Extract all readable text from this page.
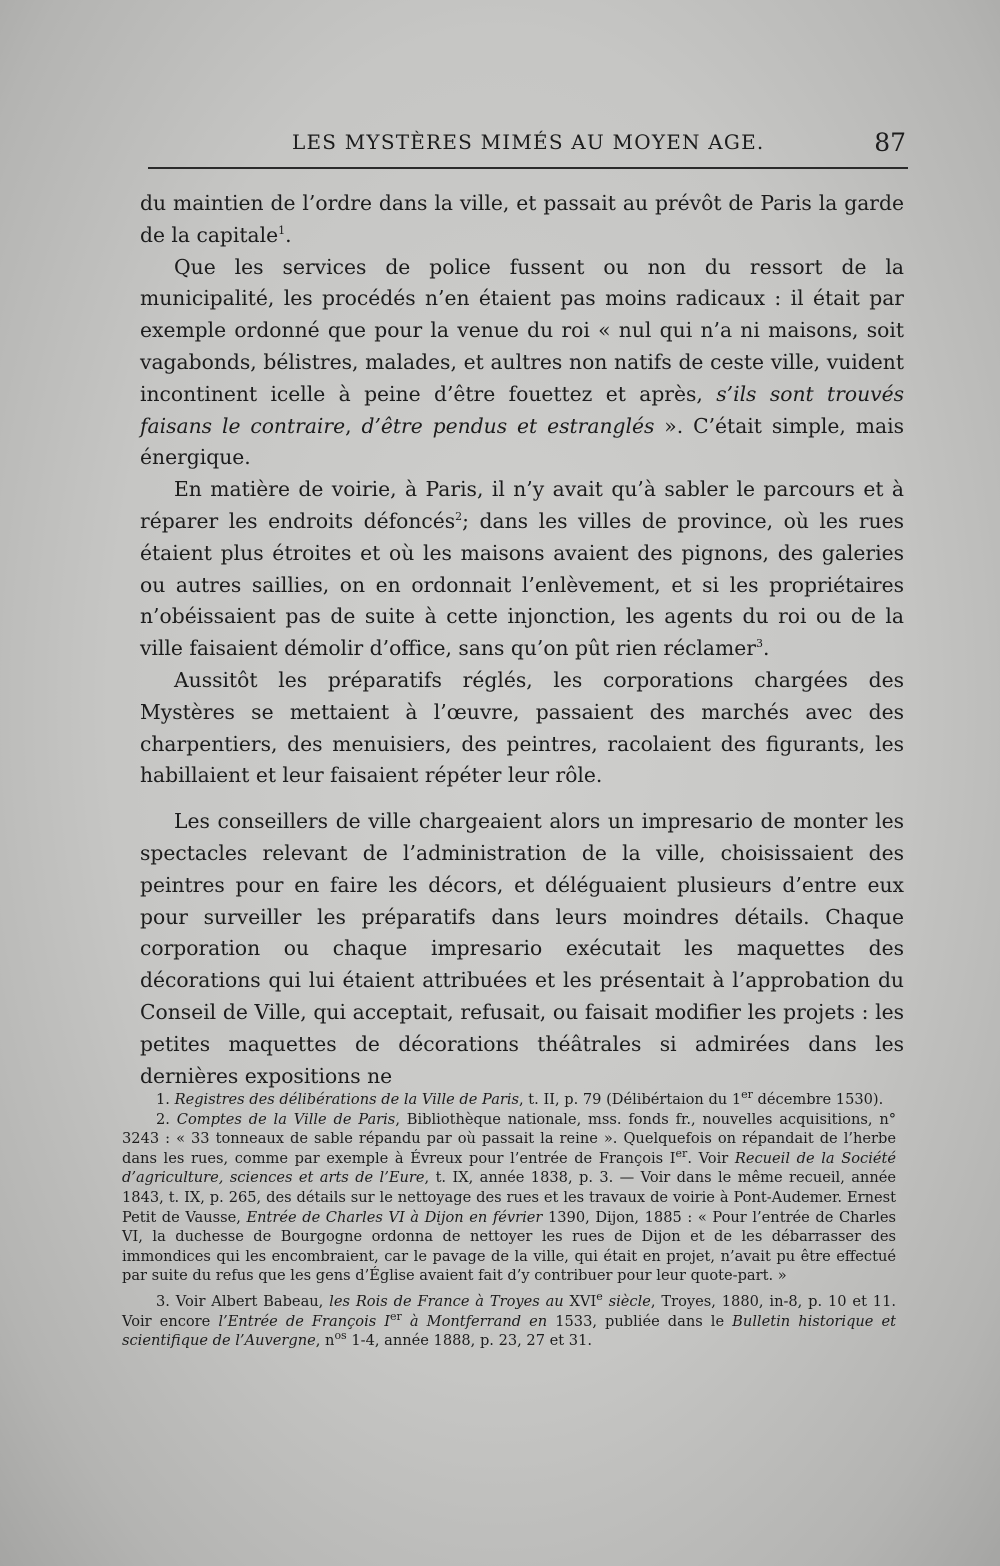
LES MYSTÈRES MIMÉS AU MOYEN AGE.	87

du maintien de l’ordre dans la ville, et passait au prévôt de Paris la garde de la capitale$^1$.

Que les services de police fussent ou non du ressort de la municipalité, les procédés n’en étaient pas moins radicaux : il était par exemple ordonné que pour la venue du roi « nul qui n’a ni maisons, soit vagabonds, bélistres, malades, et aultres non natifs de ceste ville, vuident incontinent icelle à peine d’être fouettez et après, s’ils sont trouvés faisans le contraire, d’être pendus et estranglés ». C’était simple, mais énergique.

En matière de voirie, à Paris, il n’y avait qu’à sabler le parcours et à réparer les endroits défoncés$^2$; dans les villes de province, où les rues étaient plus étroites et où les maisons avaient des pignons, des galeries ou autres saillies, on en ordonnait l’enlèvement, et si les propriétaires n’obéissaient pas de suite à cette injonction, les agents du roi ou de la ville faisaient démolir d’office, sans qu’on pût rien réclamer$^3$.

Aussitôt les préparatifs réglés, les corporations chargées des Mystères se mettaient à l’œuvre, passaient des marchés avec des charpentiers, des menuisiers, des peintres, racolaient des figurants, les habillaient et leur faisaient répéter leur rôle.

Les conseillers de ville chargeaient alors un impresario de monter les spectacles relevant de l’administration de la ville, choisissaient des peintres pour en faire les décors, et déléguaient plusieurs d’entre eux pour surveiller les préparatifs dans leurs moindres détails. Chaque corporation ou chaque impresario exécutait les maquettes des décorations qui lui étaient attribuées et les présentait à l’approbation du Conseil de Ville, qui acceptait, refusait, ou faisait modifier les projets : les petites maquettes de décorations théâtrales si admirées dans les dernières expositions ne

1. Registres des délibérations de la Ville de Paris, t. II, p. 79 (Délibértaion du 1er décembre 1530).

2. Comptes de la Ville de Paris, Bibliothèque nationale, mss. fonds fr., nouvelles acquisitions, n° 3243 : « 33 tonneaux de sable répandu par où passait la reine ». Quelquefois on répandait de l’herbe dans les rues, comme par exemple à Évreux pour l’entrée de François Ier. Voir Recueil de la Société d’agriculture, sciences et arts de l’Eure, t. IX, année 1838, p. 3. — Voir dans le même recueil, année 1843, t. IX, p. 265, des détails sur le nettoyage des rues et les travaux de voirie à Pont-Audemer. Ernest Petit de Vausse, Entrée de Charles VI à Dijon en février 1390, Dijon, 1885 : « Pour l’entrée de Charles VI, la duchesse de Bourgogne ordonna de nettoyer les rues de Dijon et de les débarrasser des immondices qui les encombraient, car le pavage de la ville, qui était en projet, n’avait pu être effectué par suite du refus que les gens d’Église avaient fait d’y contribuer pour leur quote-part. »

3. Voir Albert Babeau, les Rois de France à Troyes au XVIe siècle, Troyes, 1880, in-8, p. 10 et 11. Voir encore l’Entrée de François Ier à Montferrand en 1533, publiée dans le Bulletin historique et scientifique de l’Auvergne, $n^{os}$ 1-4, année 1888, p. 23, 27 et 31.
